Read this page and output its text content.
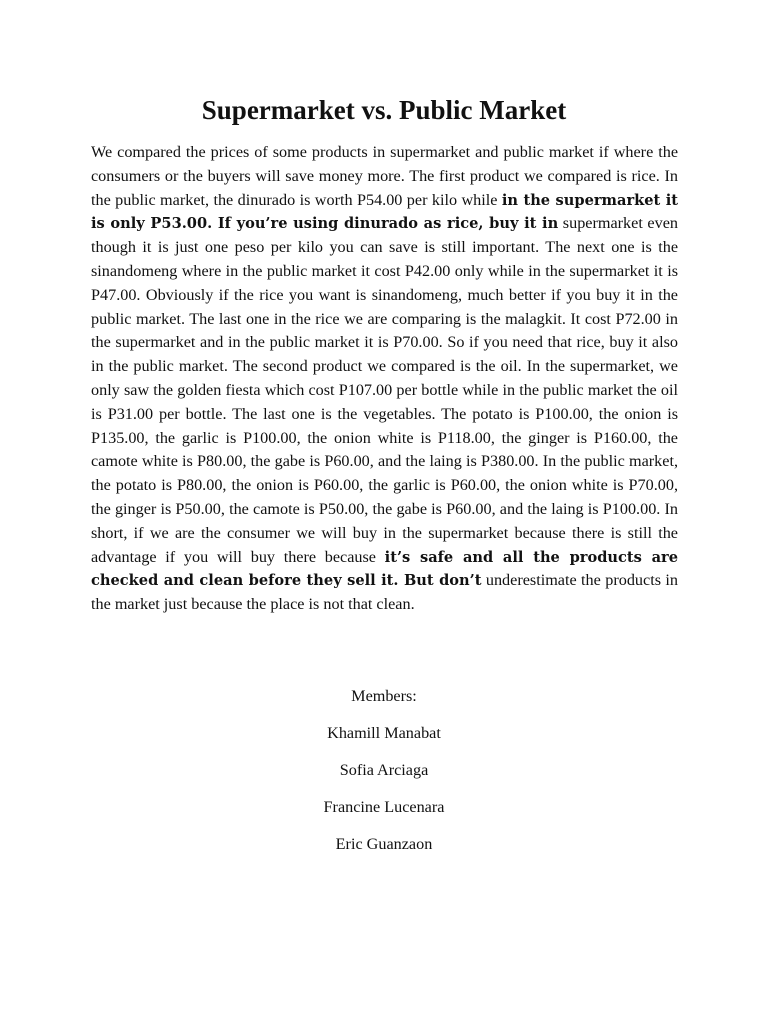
Supermarket vs. Public Market

We compared the prices of some products in supermarket and public market if where the consumers or the buyers will save money more. The first product we compared is rice. In the public market, the dinurado is worth P54.00 per kilo while in the supermarket it is only P53.00. If you’re using dinurado as rice, buy it in supermarket even though it is just one peso per kilo you can save is still important. The next one is the sinandomeng where in the public market it cost P42.00 only while in the supermarket it is P47.00. Obviously if the rice you want is sinandomeng, much better if you buy it in the public market. The last one in the rice we are comparing is the malagkit. It cost P72.00 in the supermarket and in the public market it is P70.00. So if you need that rice, buy it also in the public market. The second product we compared is the oil. In the supermarket, we only saw the golden fiesta which cost P107.00 per bottle while in the public market the oil is P31.00 per bottle. The last one is the vegetables. The potato is P100.00, the onion is P135.00, the garlic is P100.00, the onion white is P118.00, the ginger is P160.00, the camote white is P80.00, the gabe is P60.00, and the laing is P380.00. In the public market, the potato is P80.00, the onion is P60.00, the garlic is P60.00, the onion white is P70.00, the ginger is P50.00, the camote is P50.00, the gabe is P60.00, and the laing is P100.00. In short, if we are the consumer we will buy in the supermarket because there is still the advantage if you will buy there because it’s safe and all the products are checked and clean before they sell it. But don’t underestimate the products in the market just because the place is not that clean.

Members:
Khamill Manabat
Sofia Arciaga
Francine Lucenara
Eric Guanzaon
